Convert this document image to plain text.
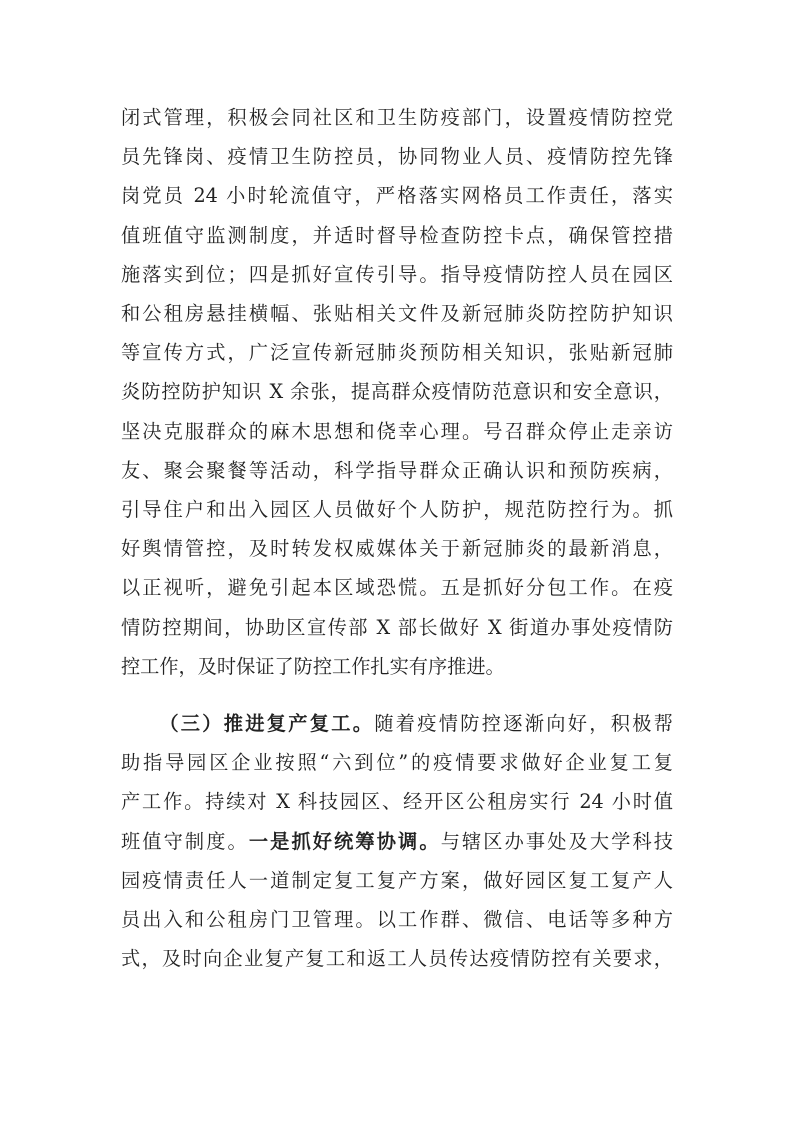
闭式管理，积极会同社区和卫生防疫部门，设置疫情防控党
员先锋岗、疫情卫生防控员，协同物业人员、疫情防控先锋
岗党员 24 小时轮流值守，严格落实网格员工作责任，落实
值班值守监测制度，并适时督导检查防控卡点，确保管控措
施落实到位；四是抓好宣传引导。指导疫情防控人员在园区
和公租房悬挂横幅、张贴相关文件及新冠肺炎防控防护知识
等宣传方式，广泛宣传新冠肺炎预防相关知识，张贴新冠肺
炎防控防护知识 X 余张，提高群众疫情防范意识和安全意识，
坚决克服群众的麻木思想和侥幸心理。号召群众停止走亲访
友、聚会聚餐等活动，科学指导群众正确认识和预防疾病，
引导住户和出入园区人员做好个人防护，规范防控行为。抓
好舆情管控，及时转发权威媒体关于新冠肺炎的最新消息，
以正视听，避免引起本区域恐慌。五是抓好分包工作。在疫
情防控期间，协助区宣传部 X 部长做好 X 街道办事处疫情防
控工作，及时保证了防控工作扎实有序推进。
（三）推进复产复工。随着疫情防控逐渐向好，积极帮
助指导园区企业按照“六到位”的疫情要求做好企业复工复
产工作。持续对 X 科技园区、经开区公租房实行 24 小时值
班值守制度。一是抓好统筹协调。与辖区办事处及大学科技
园疫情责任人一道制定复工复产方案，做好园区复工复产人
员出入和公租房门卫管理。以工作群、微信、电话等多种方
式，及时向企业复产复工和返工人员传达疫情防控有关要求，
